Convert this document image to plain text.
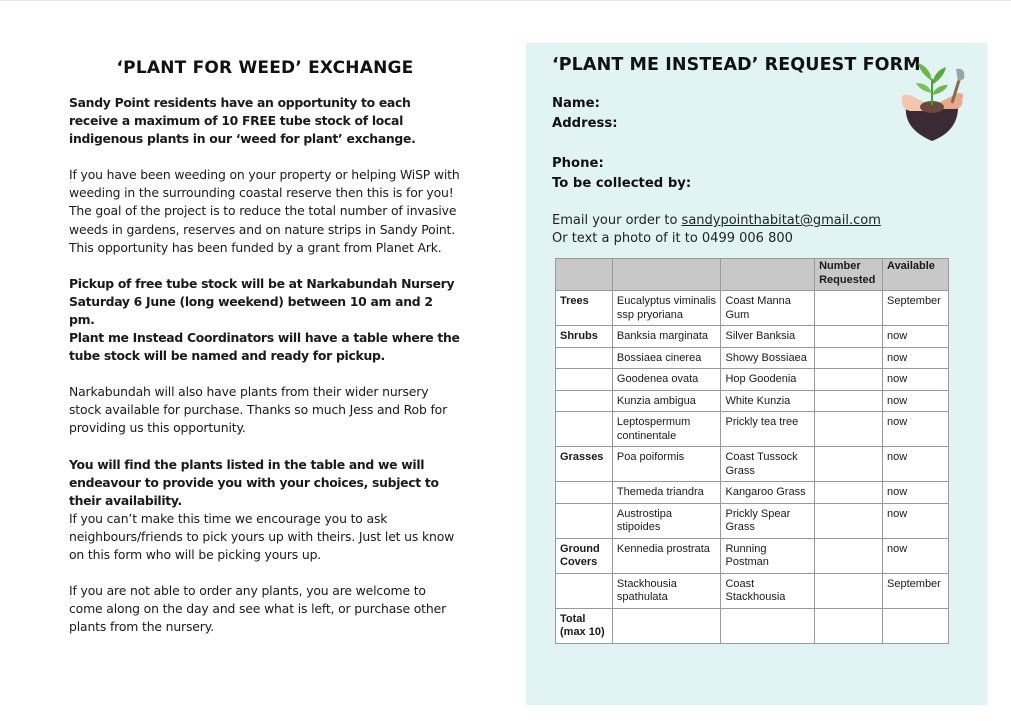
‘PLANT FOR WEED’ EXCHANGE

Sandy Point residents have an opportunity to each receive a maximum of 10 FREE tube stock of local indigenous plants in our ‘weed for plant’ exchange.

If you have been weeding on your property or helping WiSP with weeding in the surrounding coastal reserve then this is for you! The goal of the project is to reduce the total number of invasive weeds in gardens, reserves and on nature strips in Sandy Point. This opportunity has been funded by a grant from Planet Ark.

Pickup of free tube stock will be at Narkabundah Nursery Saturday 6 June (long weekend) between 10 am and 2 pm.

Plant me Instead Coordinators will have a table where the tube stock will be named and ready for pickup.

Narkabundah will also have plants from their wider nursery stock available for purchase. Thanks so much Jess and Rob for providing us this opportunity.

You will find the plants listed in the table and we will endeavour to provide you with your choices, subject to their availability.

If you can’t make this time we encourage you to ask neighbours/friends to pick yours up with theirs. Just let us know on this form who will be picking yours up.

If you are not able to order any plants, you are welcome to come along on the day and see what is left, or purchase other plants from the nursery.

‘PLANT ME INSTEAD’ REQUEST FORM
Name:
Address:
Phone:
To be collected by:
Email your order to sandypointhabitat@gmail.com
Or text a photo of it to 0499 006 800
			Number Requested	Available
Trees	Eucalyptus viminalis ssp pryoriana	Coast Manna Gum		September
Shrubs	Banksia marginata	Silver Banksia		now
	Bossiaea cinerea	Showy Bossiaea		now
	Goodenea ovata	Hop Goodenia		now
	Kunzia ambigua	White Kunzia		now
	Leptospermum continentale	Prickly tea tree		now
Grasses	Poa poiformis	Coast Tussock Grass		now
	Themeda triandra	Kangaroo Grass		now
	Austrostipa stipoides	Prickly Spear Grass		now
Ground Covers	Kennedia prostrata	Running Postman		now
	Stackhousia spathulata	Coast Stackhousia		September
Total (max 10)				
